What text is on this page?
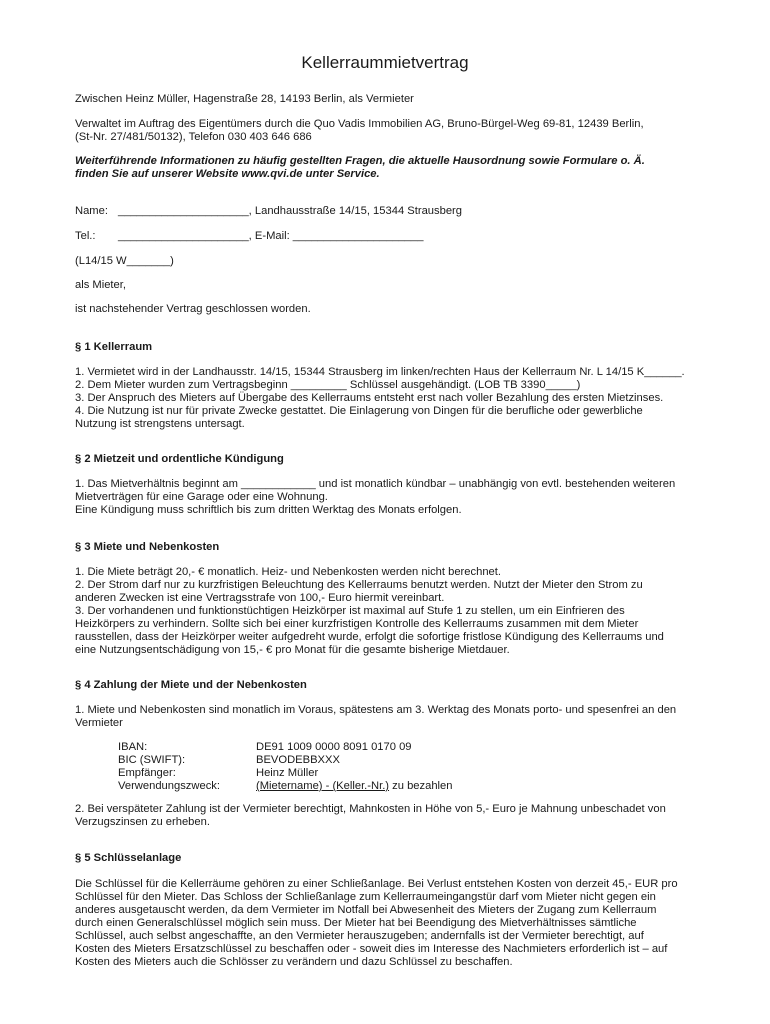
Kellerraummietvertrag

Zwischen Heinz Müller, Hagenstraße 28, 14193 Berlin, als Vermieter

Verwaltet im Auftrag des Eigentümers durch die Quo Vadis Immobilien AG, Bruno-Bürgel-Weg 69-81, 12439 Berlin,
(St-Nr. 27/481/50132), Telefon 030 403 646 686

Weiterführende Informationen zu häufig gestellten Fragen, die aktuelle Hausordnung sowie Formulare o. Ä.
finden Sie auf unserer Website www.qvi.de unter Service.

Name: _____________________, Landhausstraße 14/15, 15344 Strausberg
Tel.: _____________________, E-Mail: _____________________

(L14/15 W_______)

als Mieter,

ist nachstehender Vertrag geschlossen worden.

§ 1 Kellerraum

1. Vermietet wird in der Landhausstr. 14/15, 15344 Strausberg im linken/rechten Haus der Kellerraum Nr. L 14/15 K______.
2. Dem Mieter wurden zum Vertragsbeginn _________ Schlüssel ausgehändigt. (LOB TB 3390_____)
3. Der Anspruch des Mieters auf Übergabe des Kellerraums entsteht erst nach voller Bezahlung des ersten Mietzinses.
4. Die Nutzung ist nur für private Zwecke gestattet. Die Einlagerung von Dingen für die berufliche oder gewerbliche
Nutzung ist strengstens untersagt.

§ 2 Mietzeit und ordentliche Kündigung

1. Das Mietverhältnis beginnt am ____________ und ist monatlich kündbar – unabhängig von evtl. bestehenden weiteren
Mietverträgen für eine Garage oder eine Wohnung.
Eine Kündigung muss schriftlich bis zum dritten Werktag des Monats erfolgen.

§ 3 Miete und Nebenkosten

1. Die Miete beträgt 20,- € monatlich. Heiz- und Nebenkosten werden nicht berechnet.
2. Der Strom darf nur zu kurzfristigen Beleuchtung des Kellerraums benutzt werden. Nutzt der Mieter den Strom zu
anderen Zwecken ist eine Vertragsstrafe von 100,- Euro hiermit vereinbart.
3. Der vorhandenen und funktionstüchtigen Heizkörper ist maximal auf Stufe 1 zu stellen, um ein Einfrieren des
Heizkörpers zu verhindern. Sollte sich bei einer kurzfristigen Kontrolle des Kellerraums zusammen mit dem Mieter
rausstellen, dass der Heizkörper weiter aufgedreht wurde, erfolgt die sofortige fristlose Kündigung des Kellerraums und
eine Nutzungsentschädigung von 15,- € pro Monat für die gesamte bisherige Mietdauer.

§ 4 Zahlung der Miete und der Nebenkosten

1. Miete und Nebenkosten sind monatlich im Voraus, spätestens am 3. Werktag des Monats porto- und spesenfrei an den
Vermieter

IBAN:	DE91 1009 0000 8091 0170 09
BIC (SWIFT):	BEVODEBBXXX
Empfänger:	Heinz Müller
Verwendungszweck:	(Mietername) - (Keller.-Nr.) zu bezahlen

2. Bei verspäteter Zahlung ist der Vermieter berechtigt, Mahnkosten in Höhe von 5,- Euro je Mahnung unbeschadet von
Verzugszinsen zu erheben.

§ 5 Schlüsselanlage

Die Schlüssel für die Kellerräume gehören zu einer Schließanlage. Bei Verlust entstehen Kosten von derzeit 45,- EUR pro
Schlüssel für den Mieter. Das Schloss der Schließanlage zum Kellerraumeingangstür darf vom Mieter nicht gegen ein
anderes ausgetauscht werden, da dem Vermieter im Notfall bei Abwesenheit des Mieters der Zugang zum Kellerraum
durch einen Generalschlüssel möglich sein muss. Der Mieter hat bei Beendigung des Mietverhältnisses sämtliche
Schlüssel, auch selbst angeschaffte, an den Vermieter herauszugeben; andernfalls ist der Vermieter berechtigt, auf
Kosten des Mieters Ersatzschlüssel zu beschaffen oder - soweit dies im Interesse des Nachmieters erforderlich ist – auf
Kosten des Mieters auch die Schlösser zu verändern und dazu Schlüssel zu beschaffen.
